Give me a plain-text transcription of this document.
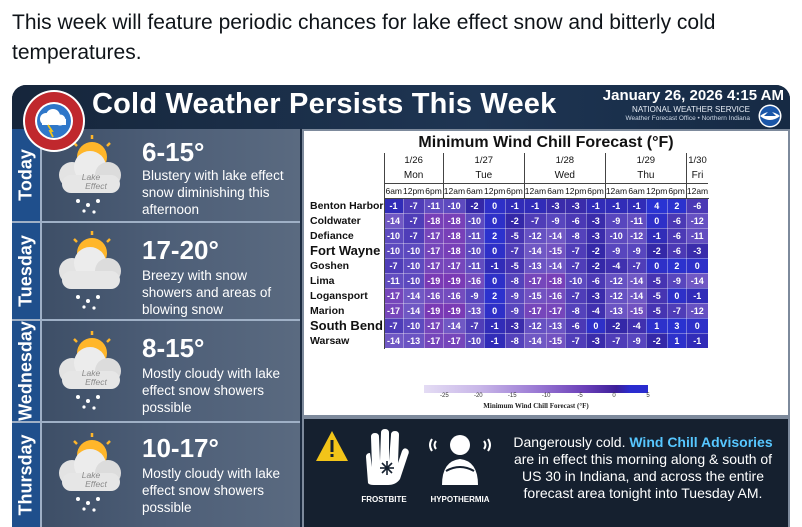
This week will feature periodic chances for lake effect snow and bitterly cold temperatures.
Cold Weather Persists This Week	January 26, 2026 4:15 AM
NATIONAL WEATHER SERVICE
Weather Forecast Office • Northern Indiana
Today	Lake
Effect
6-15°
Blustery with lake effect snow diminishing this afternoon
Tuesday	17-20°
Breezy with snow showers and areas of blowing snow
Wednesday	Lake
Effect
8-15°
Mostly cloudy with lake effect snow showers possible
Thursday	Lake
Effect
10-17°
Mostly cloudy with lake effect snow showers possible
Minimum Wind Chill Forecast (°F)
	1/26			1/27				1/28				1/29				1/30
	Mon			Tue				Wed				Thu				Fri
	6am	12pm	6pm	12am	6am	12pm	6pm	12am	6am	12pm	6pm	12am	6am	12pm	6pm	12am
Benton Harbor	-1	-7	-11	-10	-2	0	-1	-1	-3	-3	-1	-1	-1	4	2	-6
Coldwater	-14	-7	-18	-18	-10	0	-2	-7	-9	-6	-3	-9	-11	0	-6	-12
Defiance	-10	-7	-17	-18	-11	2	-5	-12	-14	-8	-3	-10	-12	-1	-6	-11
Fort Wayne	-10	-10	-17	-18	-10	0	-7	-14	-15	-7	-2	-9	-9	-2	-6	-3
Goshen	-7	-10	-17	-17	-11	-1	-5	-13	-14	-7	-2	-4	-7	0	2	0
Lima	-11	-10	-19	-19	-16	0	-8	-17	-18	-10	-6	-12	-14	-5	-9	-14
Logansport	-17	-14	-16	-16	-9	2	-9	-15	-16	-7	-3	-12	-14	-5	0	-1
Marion	-17	-14	-19	-19	-13	0	-9	-17	-17	-8	-4	-13	-15	-5	-7	-12
South Bend	-7	-10	-17	-14	-7	-1	-3	-12	-13	-6	0	-2	-4	1	3	0
Warsaw	-14	-13	-17	-17	-10	-1	-8	-14	-15	-7	-3	-7	-9	-2	1	-1
-25	-20	-15	-10	-5	0	5
Minimum Wind Chill Forecast (°F)
FROSTBITE	HYPOTHERMIA
Dangerously cold. Wind Chill Advisories are in effect this morning along & south of US 30 in Indiana, and across the entire forecast area tonight into Tuesday AM.
